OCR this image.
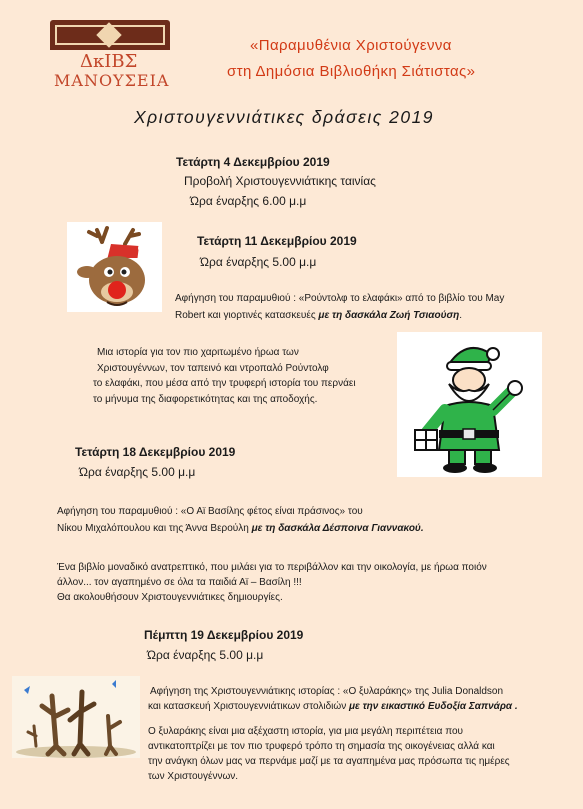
ΔκΙΒΣ
ΜΑΝΟΥΣΕΙΑ
«Παραμυθένια Χριστούγεννα
στη Δημόσια Βιβλιοθήκη Σιάτιστας»
Χριστουγεννιάτικες δράσεις 2019
Τετάρτη 4 Δεκεμβρίου 2019
Προβολή Χριστουγεννιάτικης ταινίας
Ώρα έναρξης 6.00 μ.μ
Τετάρτη 11 Δεκεμβρίου 2019
Ώρα έναρξης 5.00 μ.μ
Αφήγηση του παραμυθιού : «Ρούντολφ το ελαφάκι» από το βιβλίο του May
Robert και γιορτινές κατασκευές με τη δασκάλα Ζωή Τσιαούση.
Μια ιστορία για τον πιο χαριτωμένο ήρωα των
Χριστουγέννων, τον ταπεινό και ντροπαλό Ρούντολφ
το ελαφάκι, που μέσα από την τρυφερή ιστορία του περνάει
το μήνυμα της διαφορετικότητας και της αποδοχής.
Τετάρτη 18 Δεκεμβρίου 2019
Ώρα έναρξης 5.00 μ.μ
Αφήγηση του παραμυθιού : «Ο Αϊ Βασίλης φέτος είναι πράσινος» του
Νίκου Μιχαλόπουλου και της Άννα Βερούλη με τη δασκάλα Δέσποινα Γιαννακού.
Ένα βιβλίο μοναδικό ανατρεπτικό, που μιλάει για το περιβάλλον και την οικολογία, με ήρωα ποιόν
άλλον... τον αγαπημένο σε όλα τα παιδιά Αϊ – Βασίλη !!!
Θα ακολουθήσουν Χριστουγεννιάτικες δημιουργίες.
Πέμπτη 19 Δεκεμβρίου 2019
Ώρα έναρξης 5.00 μ.μ
Αφήγηση της Χριστουγεννιάτικης ιστορίας : «Ο ξυλαράκης» της Julia Donaldson
και κατασκευή Χριστουγεννιάτικων στολιδιών με την εικαστικό Ευδοξία Σαπνάρα .
Ο ξυλαράκης είναι μια αξέχαστη ιστορία, για μια μεγάλη περιπέτεια που
αντικατοπτρίζει με τον πιο τρυφερό τρόπο τη σημασία της οικογένειας αλλά και
την ανάγκη όλων μας να περνάμε μαζί με τα αγαπημένα μας πρόσωπα τις ημέρες
των Χριστουγέννων.
